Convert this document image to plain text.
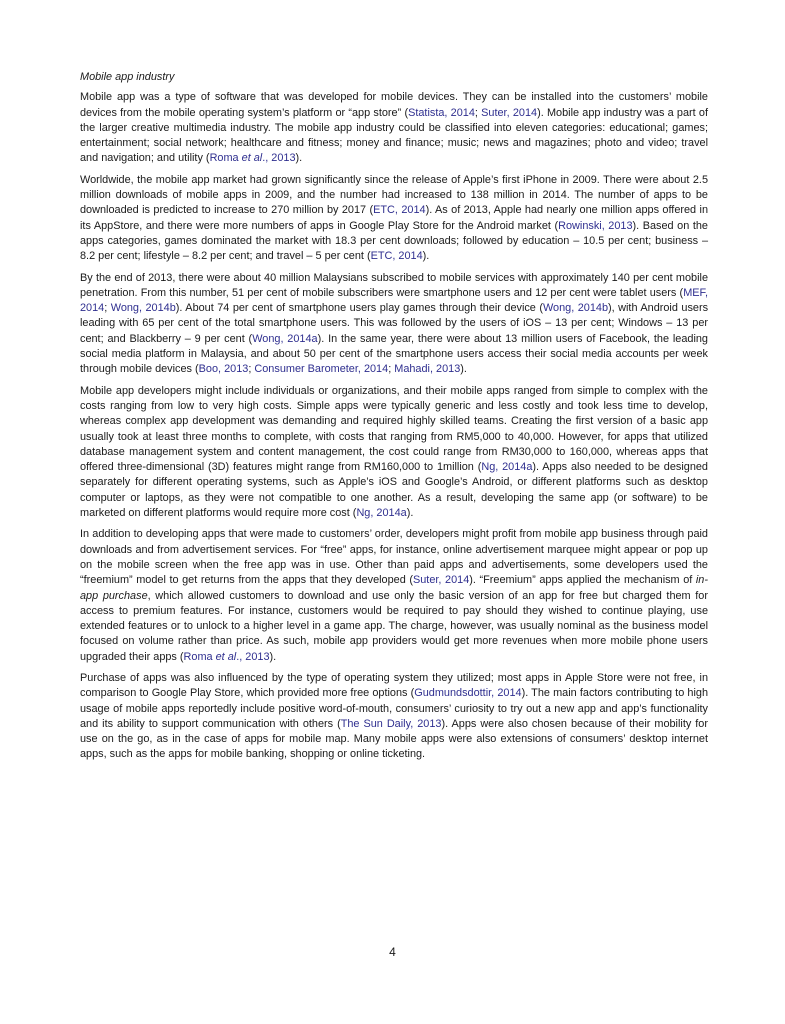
Mobile app industry

Mobile app was a type of software that was developed for mobile devices. They can be installed into the customers’ mobile devices from the mobile operating system’s platform or “app store” (Statista, 2014; Suter, 2014). Mobile app industry was a part of the larger creative multimedia industry. The mobile app industry could be classified into eleven categories: educational; games; entertainment; social network; healthcare and fitness; money and finance; music; news and magazines; photo and video; travel and navigation; and utility (Roma et al., 2013).

Worldwide, the mobile app market had grown significantly since the release of Apple’s first iPhone in 2009. There were about 2.5 million downloads of mobile apps in 2009, and the number had increased to 138 million in 2014. The number of apps to be downloaded is predicted to increase to 270 million by 2017 (ETC, 2014). As of 2013, Apple had nearly one million apps offered in its AppStore, and there were more numbers of apps in Google Play Store for the Android market (Rowinski, 2013). Based on the apps categories, games dominated the market with 18.3 per cent downloads; followed by education – 10.5 per cent; business – 8.2 per cent; lifestyle – 8.2 per cent; and travel – 5 per cent (ETC, 2014).

By the end of 2013, there were about 40 million Malaysians subscribed to mobile services with approximately 140 per cent mobile penetration. From this number, 51 per cent of mobile subscribers were smartphone users and 12 per cent were tablet users (MEF, 2014; Wong, 2014b). About 74 per cent of smartphone users play games through their device (Wong, 2014b), with Android users leading with 65 per cent of the total smartphone users. This was followed by the users of iOS – 13 per cent; Windows – 13 per cent; and Blackberry – 9 per cent (Wong, 2014a). In the same year, there were about 13 million users of Facebook, the leading social media platform in Malaysia, and about 50 per cent of the smartphone users access their social media accounts per week through mobile devices (Boo, 2013; Consumer Barometer, 2014; Mahadi, 2013).

Mobile app developers might include individuals or organizations, and their mobile apps ranged from simple to complex with the costs ranging from low to very high costs. Simple apps were typically generic and less costly and took less time to develop, whereas complex app development was demanding and required highly skilled teams. Creating the first version of a basic app usually took at least three months to complete, with costs that ranging from RM5,000 to 40,000. However, for apps that utilized database management system and content management, the cost could range from RM30,000 to 160,000, whereas apps that offered three-dimensional (3D) features might range from RM160,000 to 1million (Ng, 2014a). Apps also needed to be designed separately for different operating systems, such as Apple’s iOS and Google’s Android, or different platforms such as desktop computer or laptops, as they were not compatible to one another. As a result, developing the same app (or software) to be marketed on different platforms would require more cost (Ng, 2014a).

In addition to developing apps that were made to customers’ order, developers might profit from mobile app business through paid downloads and from advertisement services. For “free” apps, for instance, online advertisement marquee might appear or pop up on the mobile screen when the free app was in use. Other than paid apps and advertisements, some developers used the “freemium” model to get returns from the apps that they developed (Suter, 2014). “Freemium” apps applied the mechanism of in-app purchase, which allowed customers to download and use only the basic version of an app for free but charged them for access to premium features. For instance, customers would be required to pay should they wished to continue playing, use extended features or to unlock to a higher level in a game app. The charge, however, was usually nominal as the business model focused on volume rather than price. As such, mobile app providers would get more revenues when more mobile phone users upgraded their apps (Roma et al., 2013).

Purchase of apps was also influenced by the type of operating system they utilized; most apps in Apple Store were not free, in comparison to Google Play Store, which provided more free options (Gudmundsdottir, 2014). The main factors contributing to high usage of mobile apps reportedly include positive word-of-mouth, consumers’ curiosity to try out a new app and app’s functionality and its ability to support communication with others (The Sun Daily, 2013). Apps were also chosen because of their mobility for use on the go, as in the case of apps for mobile map. Many mobile apps were also extensions of consumers’ desktop internet apps, such as the apps for mobile banking, shopping or online ticketing.

4
